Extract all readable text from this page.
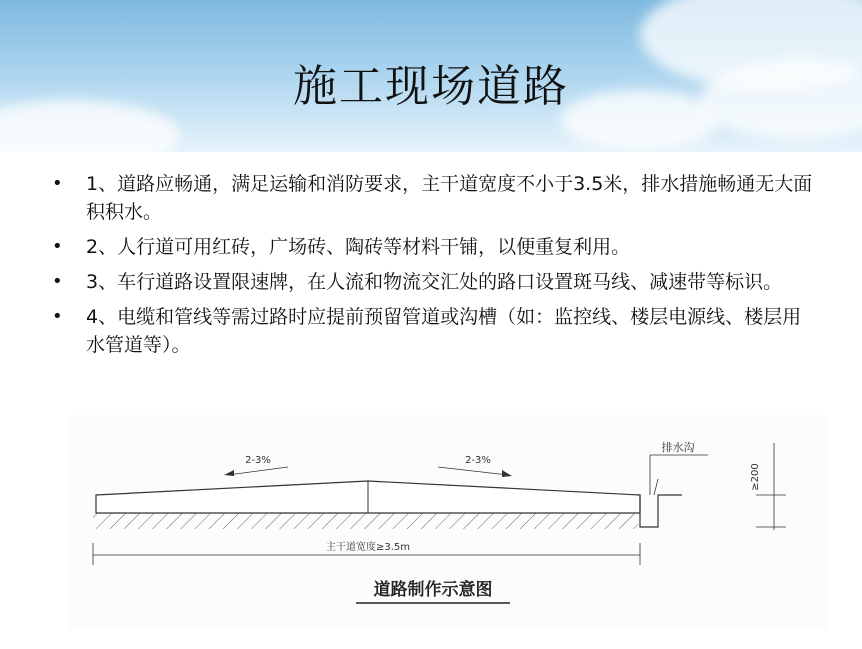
施工现场道路
• 1、道路应畅通，满足运输和消防要求，主干道宽度不小于3.5米，排水措施畅通无大面积积水。
• 2、人行道可用红砖，广场砖、陶砖等材料干铺，以便重复利用。
• 3、车行道路设置限速牌，在人流和物流交汇处的路口设置斑马线、减速带等标识。
• 4、电缆和管线等需过路时应提前预留管道或沟槽（如：监控线、楼层电源线、楼层用水管道等）。
2-3%	2-3%
排水沟
≥200
主干道宽度≥3.5m
道路制作示意图
